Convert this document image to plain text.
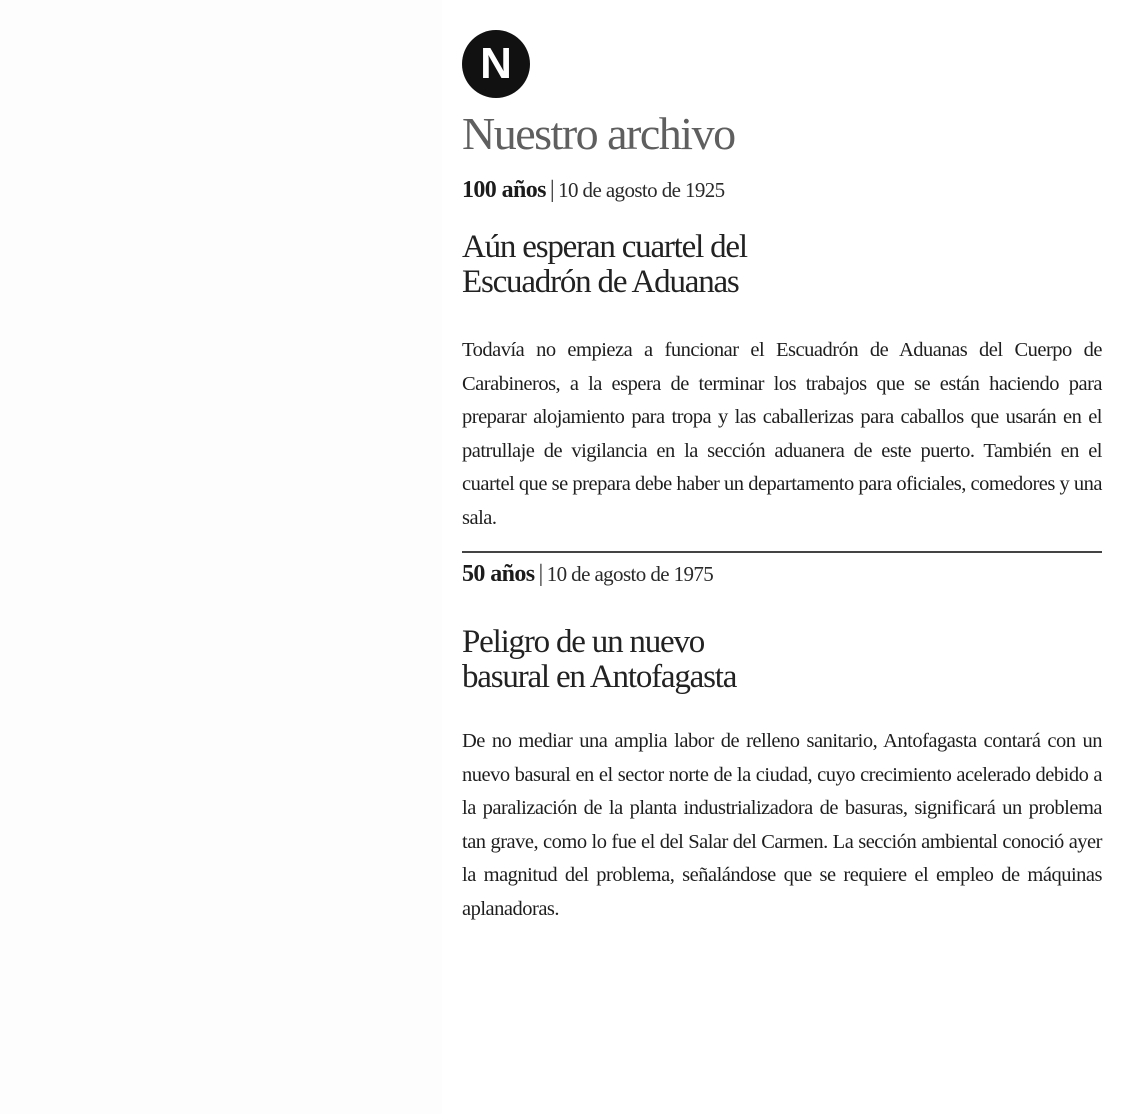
N
Nuestro archivo

100 años | 10 de agosto de 1925

Aún esperan cuartel del
Escuadrón de Aduanas

Todavía no empieza a funcionar el Escuadrón de Aduanas del Cuerpo de Carabineros, a la espera de terminar los trabajos que se están haciendo para preparar alojamiento para tropa y las caballerizas para caballos que usarán en el patrullaje de vigilancia en la sección aduanera de este puerto. También en el cuartel que se prepara debe haber un departamento para oficiales, comedores y una sala.

50 años | 10 de agosto de 1975

Peligro de un nuevo
basural en Antofagasta

De no mediar una amplia labor de relleno sanitario, Antofagasta contará con un nuevo basural en el sector norte de la ciudad, cuyo crecimiento acelerado debido a la paralización de la planta industrializadora de basuras, significará un problema tan grave, como lo fue el del Salar del Carmen. La sección ambiental conoció ayer la magnitud del problema, señalándose que se requiere el empleo de máquinas aplanadoras.
